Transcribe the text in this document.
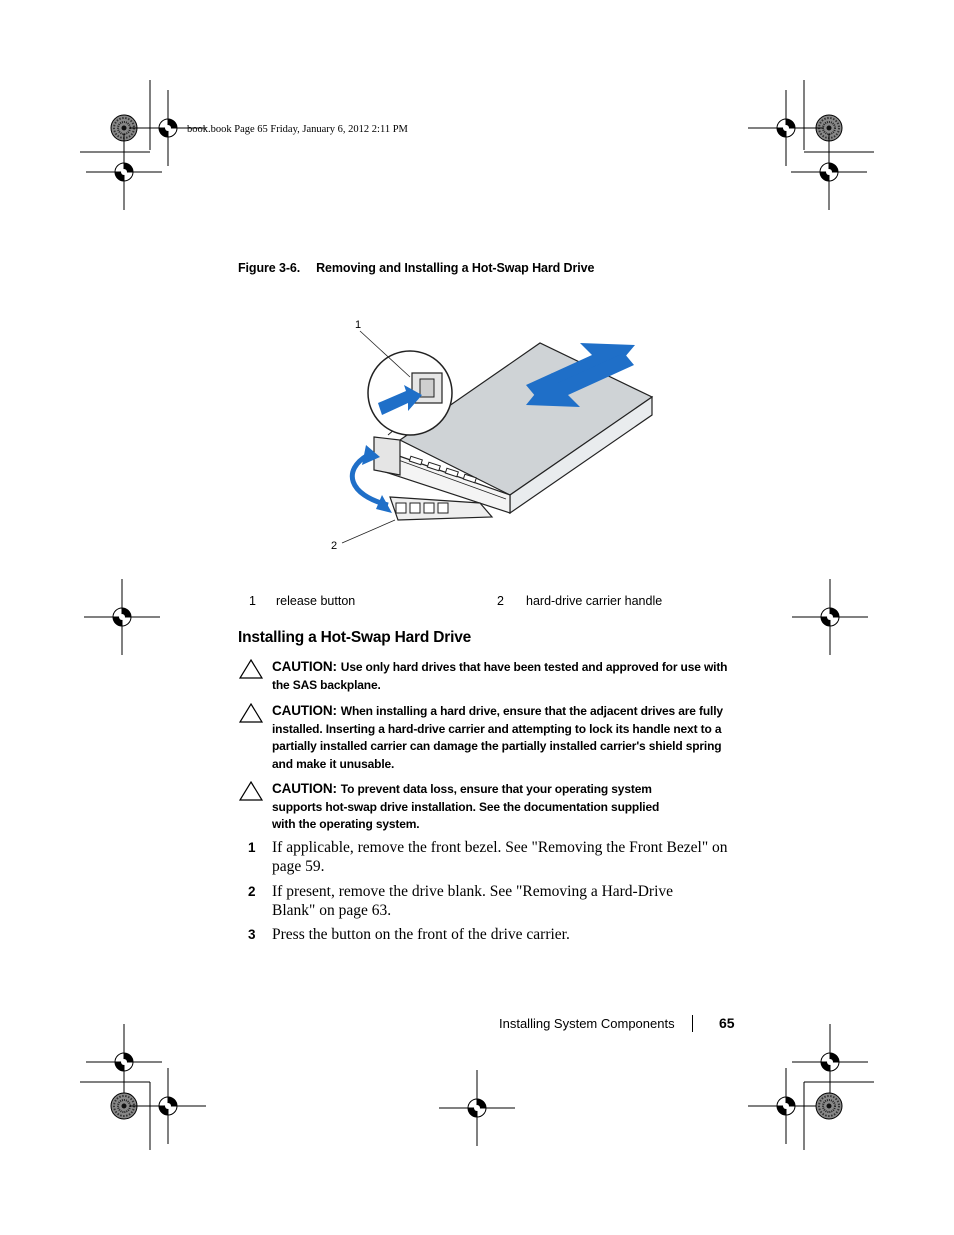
book.book Page 65 Friday, January 6, 2012 2:11 PM
Figure 3-6. Removing and Installing a Hot-Swap Hard Drive
1
2
1 release button	2 hard-drive carrier handle
Installing a Hot-Swap Hard Drive
CAUTION: Use only hard drives that have been tested and approved for use with
the SAS backplane.
CAUTION: When installing a hard drive, ensure that the adjacent drives are fully
installed. Inserting a hard-drive carrier and attempting to lock its handle next to a
partially installed carrier can damage the partially installed carrier's shield spring
and make it unusable.
CAUTION: To prevent data loss, ensure that your operating system
supports hot-swap drive installation. See the documentation supplied
with the operating system.
1 If applicable, remove the front bezel. See "Removing the Front Bezel" on
page 59.
2 If present, remove the drive blank. See "Removing a Hard-Drive
Blank" on page 63.
3 Press the button on the front of the drive carrier.
Installing System Components	65
